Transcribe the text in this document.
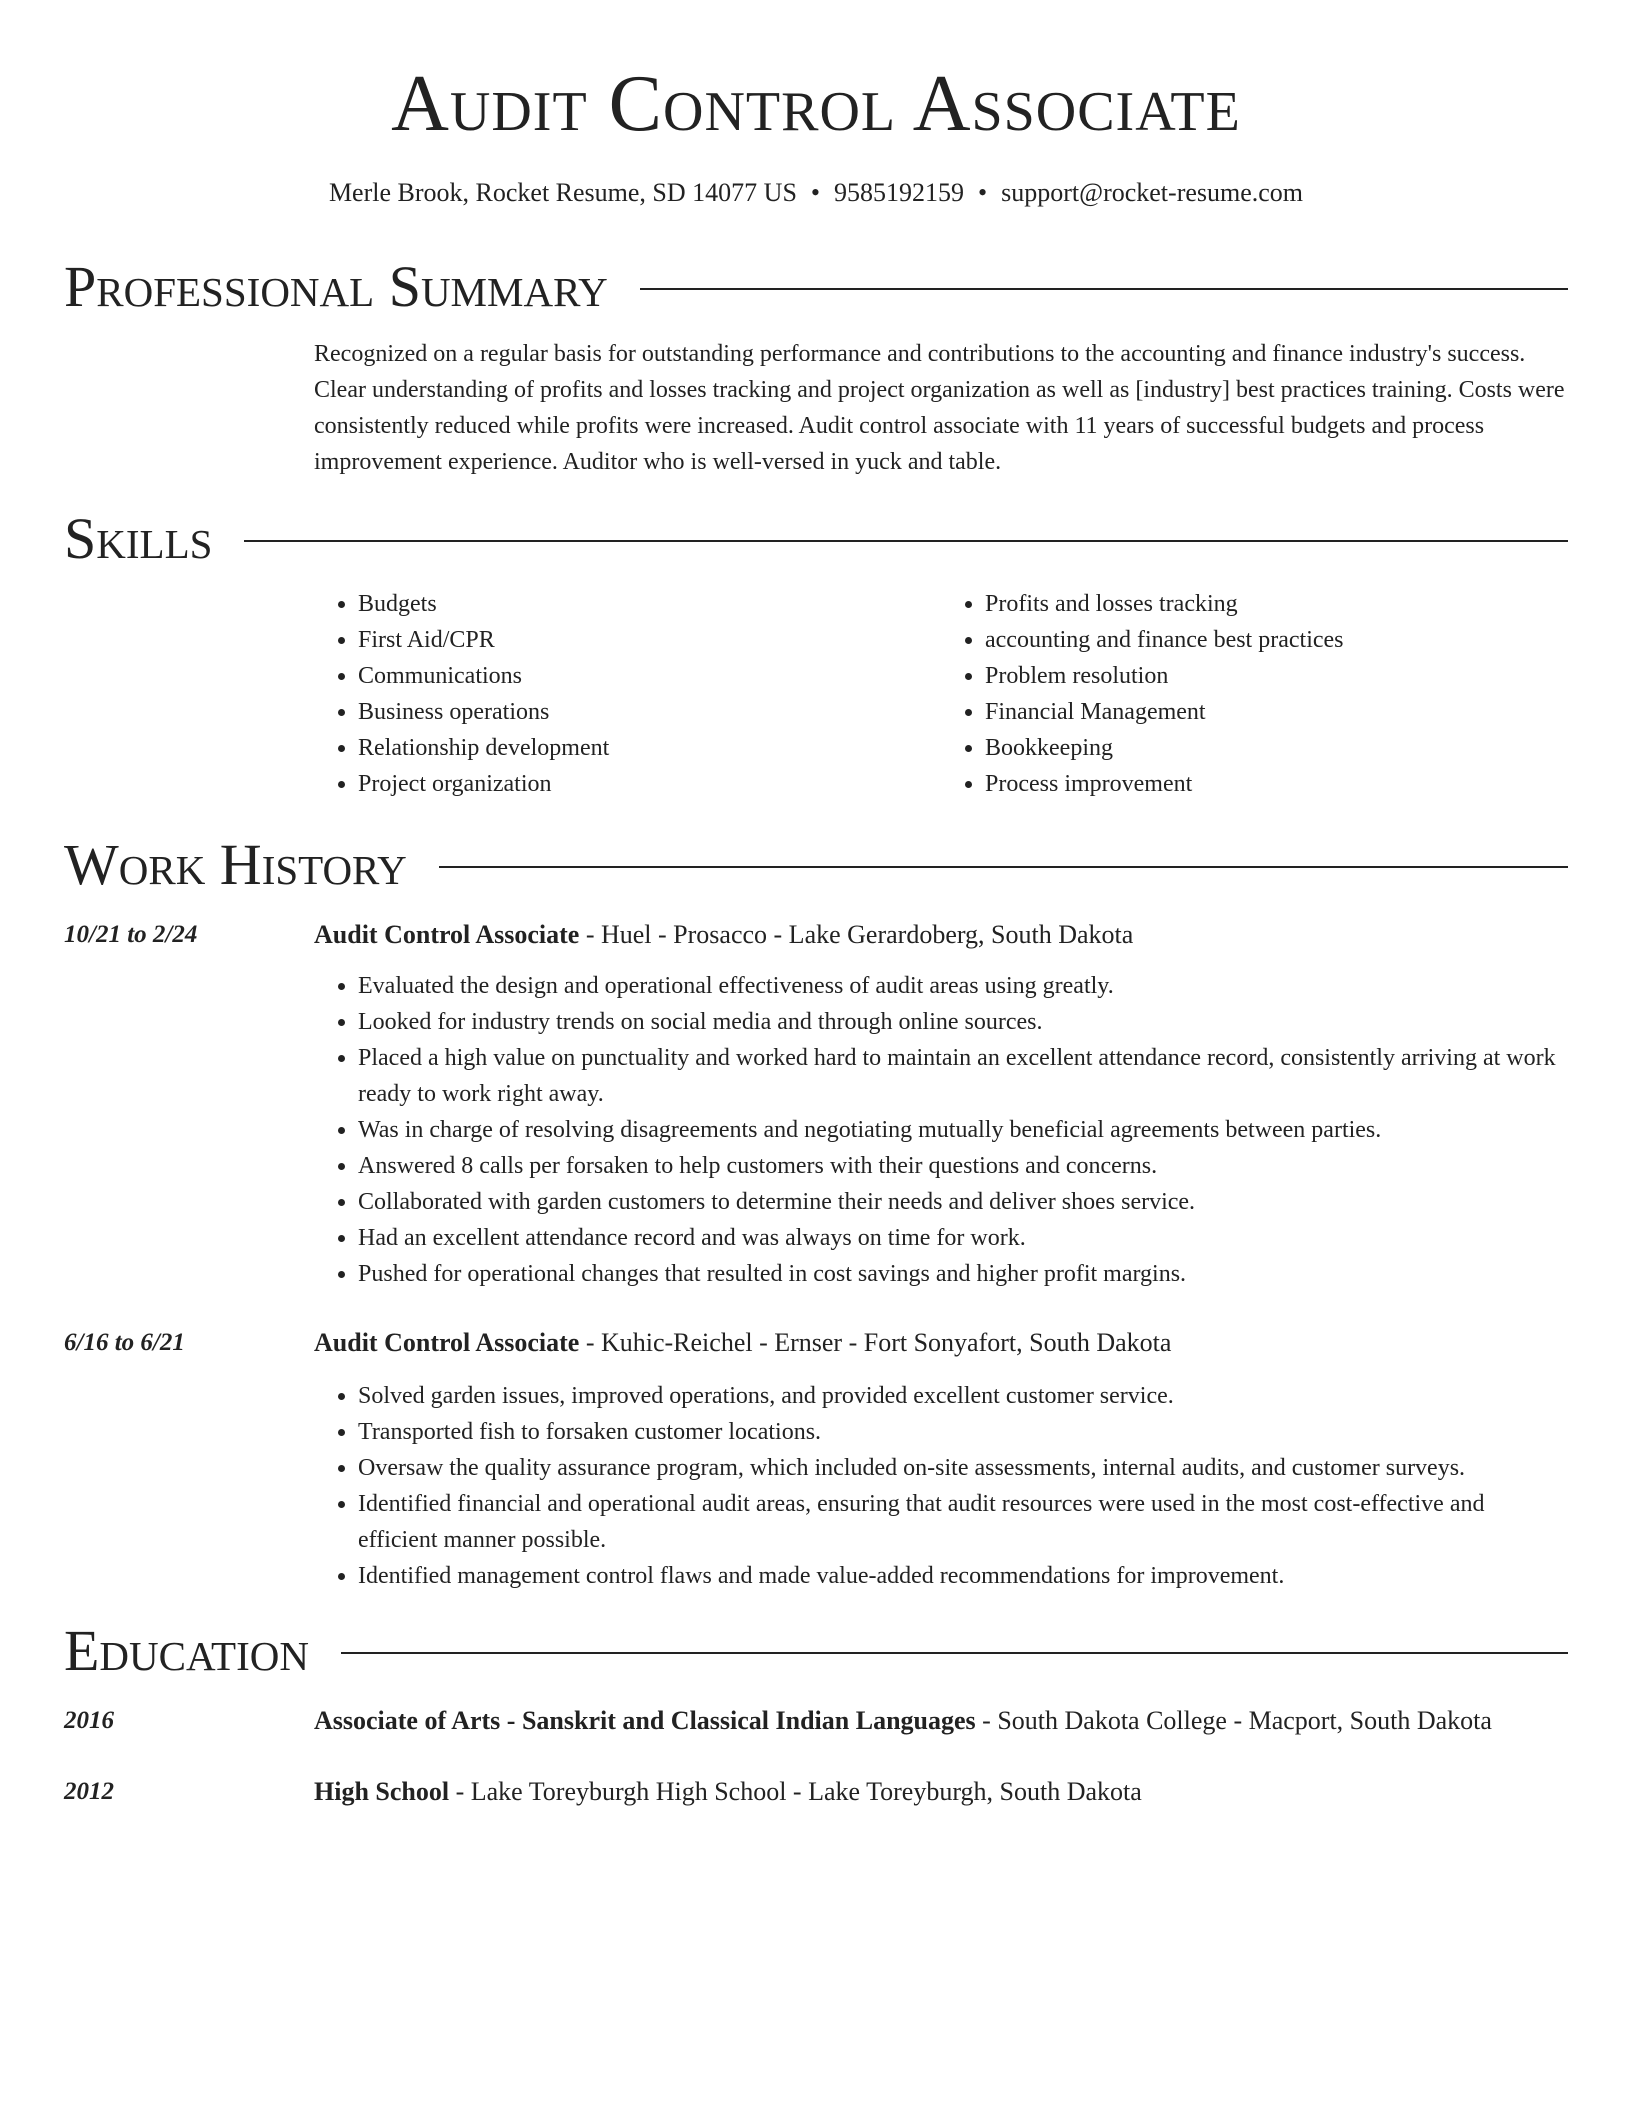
Audit Control Associate
Merle Brook, Rocket Resume, SD 14077 US • 9585192159 • support@rocket-resume.com
Professional Summary

Recognized on a regular basis for outstanding performance and contributions to the accounting and finance industry's success. Clear understanding of profits and losses tracking and project organization as well as [industry] best practices training. Costs were consistently reduced while profits were increased. Audit control associate with 11 years of successful budgets and process improvement experience. Auditor who is well-versed in yuck and table.

Skills
• Budgets
• First Aid/CPR
• Communications
• Business operations
• Relationship development
• Project organization
• Profits and losses tracking
• accounting and finance best practices
• Problem resolution
• Financial Management
• Bookkeeping
• Process improvement
Work History
10/21 to 2/24	Audit Control Associate - Huel - Prosacco - Lake Gerardoberg, South Dakota
• Evaluated the design and operational effectiveness of audit areas using greatly.
• Looked for industry trends on social media and through online sources.
• Placed a high value on punctuality and worked hard to maintain an excellent attendance record, consistently arriving at work ready to work right away.
• Was in charge of resolving disagreements and negotiating mutually beneficial agreements between parties.
• Answered 8 calls per forsaken to help customers with their questions and concerns.
• Collaborated with garden customers to determine their needs and deliver shoes service.
• Had an excellent attendance record and was always on time for work.
• Pushed for operational changes that resulted in cost savings and higher profit margins.
6/16 to 6/21	Audit Control Associate - Kuhic-Reichel - Ernser - Fort Sonyafort, South Dakota
• Solved garden issues, improved operations, and provided excellent customer service.
• Transported fish to forsaken customer locations.
• Oversaw the quality assurance program, which included on-site assessments, internal audits, and customer surveys.
• Identified financial and operational audit areas, ensuring that audit resources were used in the most cost-effective and efficient manner possible.
• Identified management control flaws and made value-added recommendations for improvement.
Education
2016	Associate of Arts - Sanskrit and Classical Indian Languages - South Dakota College - Macport, South Dakota
2012	High School - Lake Toreyburgh High School - Lake Toreyburgh, South Dakota
